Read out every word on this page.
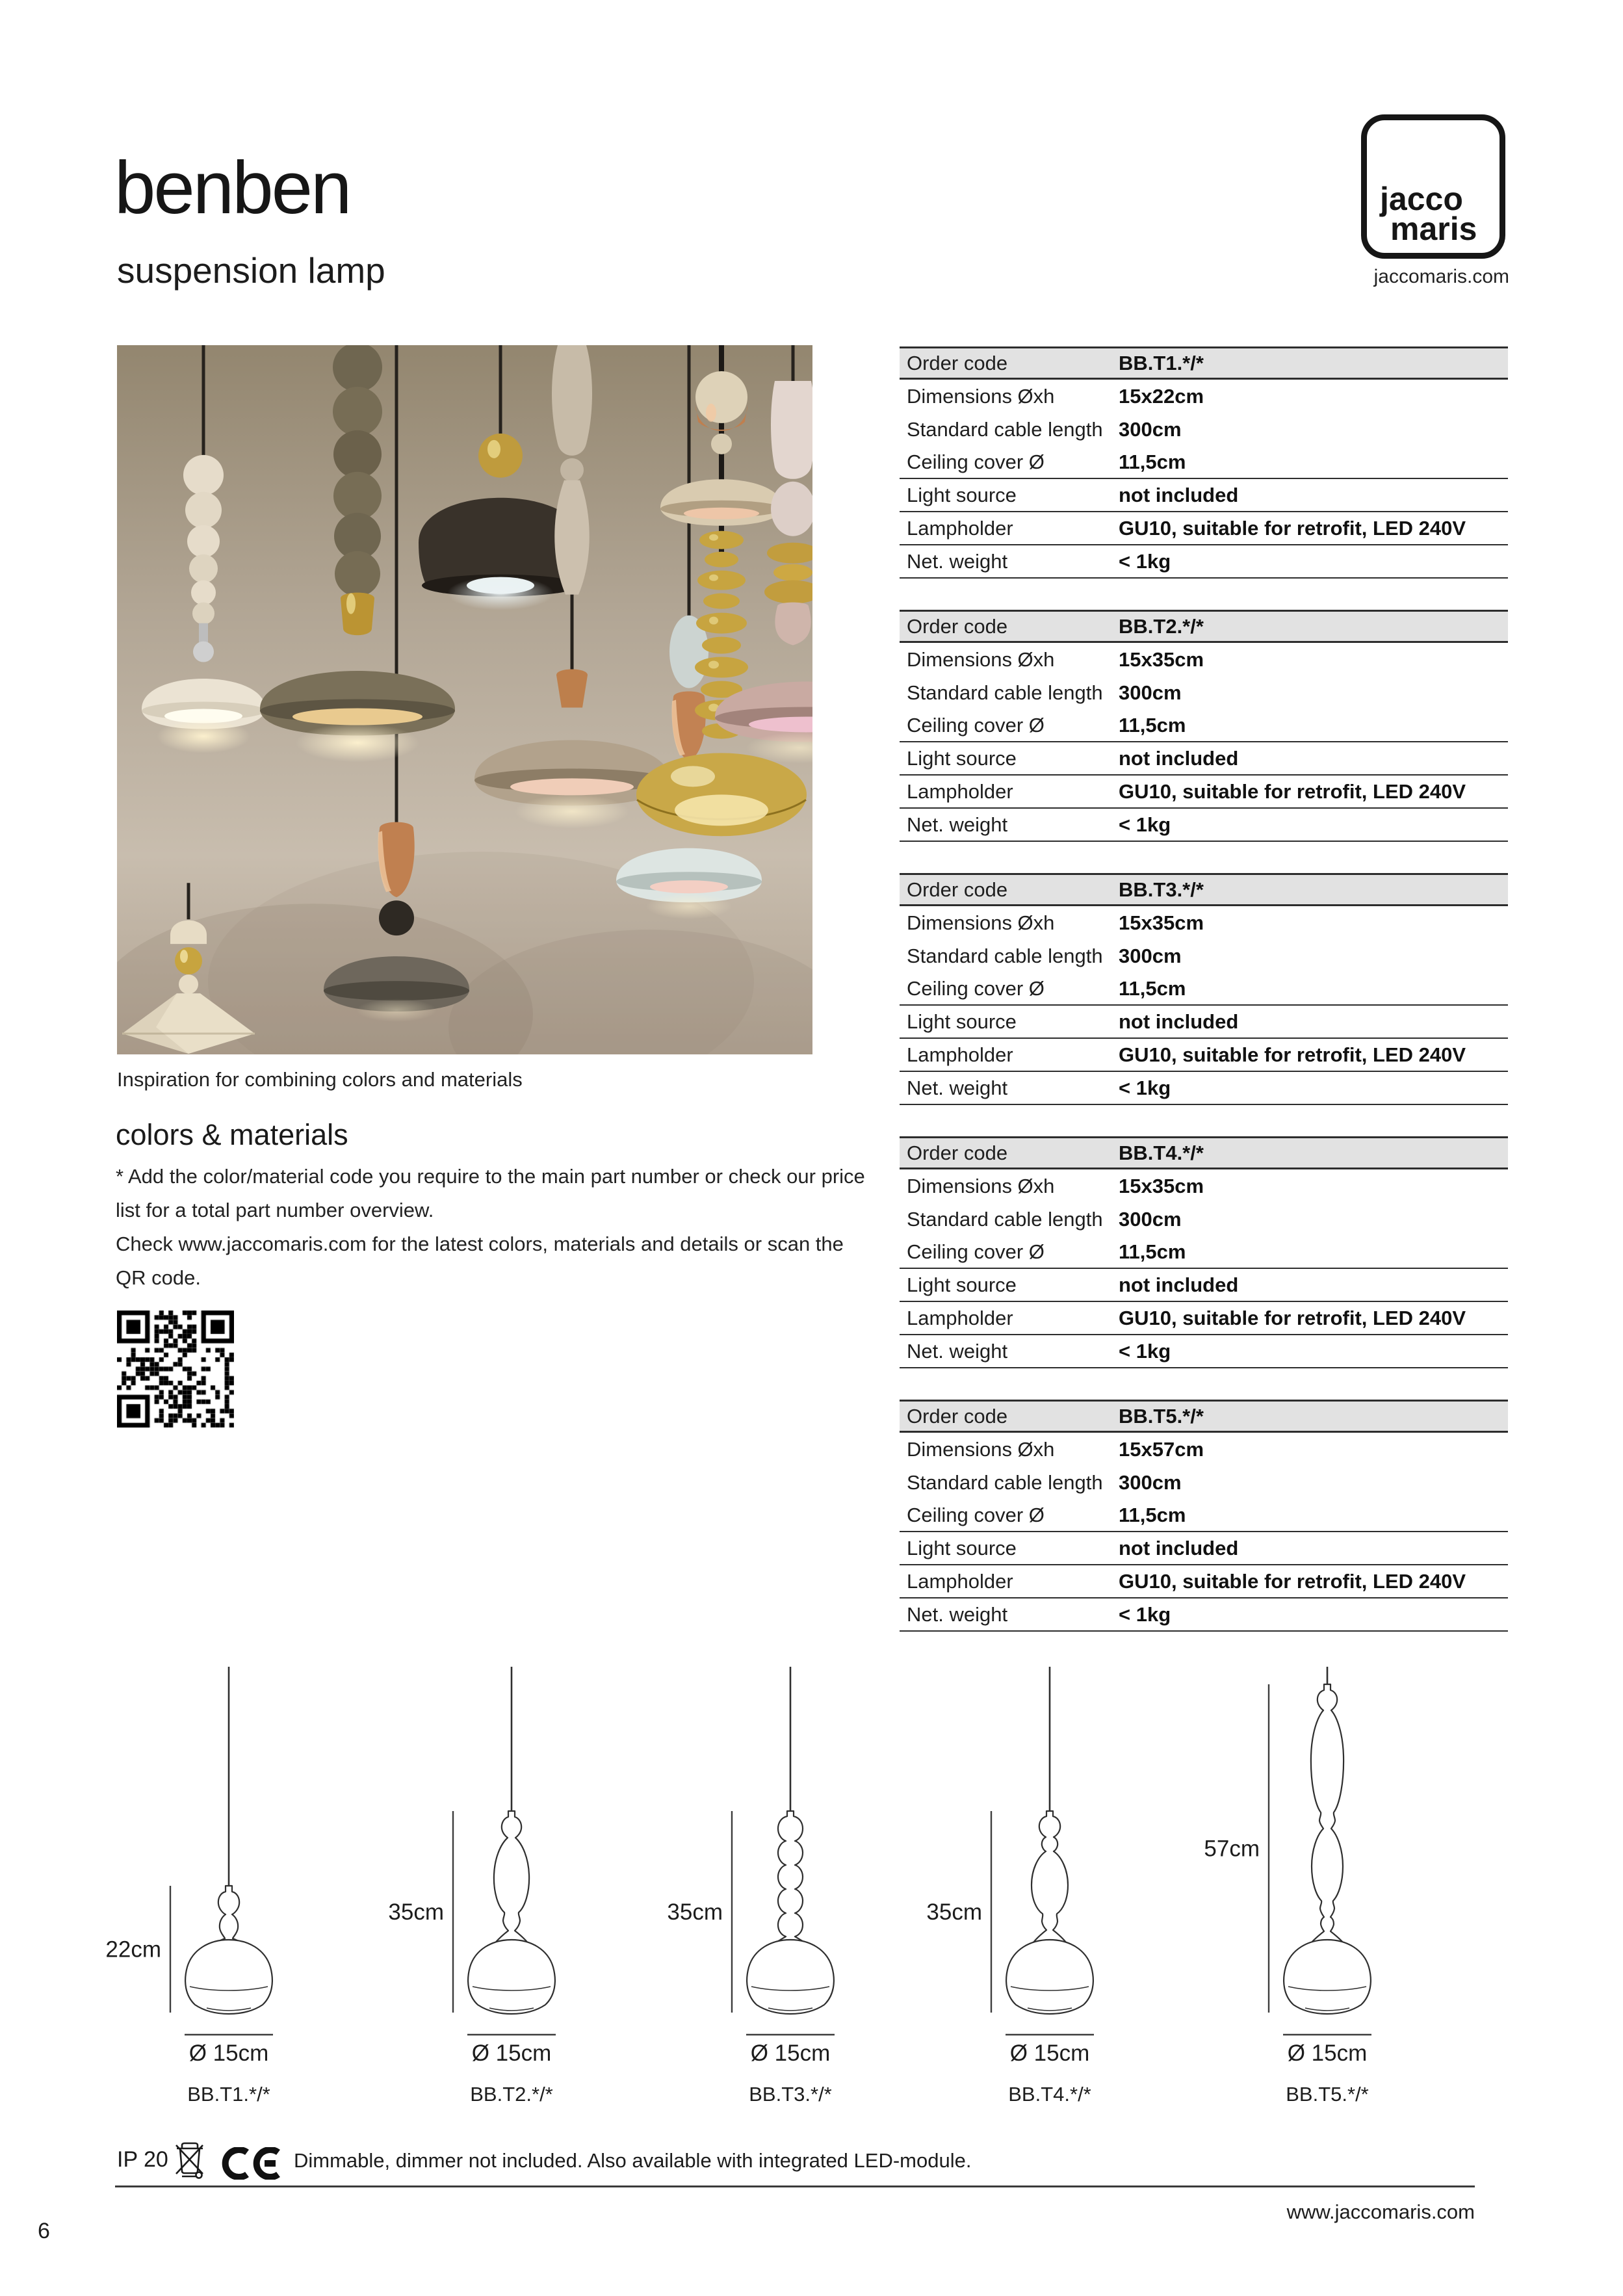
benben
suspension lamp
jacco
maris
jaccomaris.com
Inspiration for combining colors and materials
colors & materials

* Add the color/material code you require to the main part number or check our price list for a total part number overview.

Check www.jaccomaris.com for the latest colors, materials and details or scan the QR code.

Order code	BB.T1.*/*
Dimensions Øxh	15x22cm
Standard cable length 300cm
Ceiling cover Ø	11,5cm
Light source	not included
Lampholder	GU10, suitable for retrofit, LED 240V
Net. weight	< 1kg
Order code	BB.T2.*/*
Dimensions Øxh	15x35cm
Standard cable length 300cm
Ceiling cover Ø	11,5cm
Light source	not included
Lampholder	GU10, suitable for retrofit, LED 240V
Net. weight	< 1kg
Order code	BB.T3.*/*
Dimensions Øxh	15x35cm
Standard cable length 300cm
Ceiling cover Ø	11,5cm
Light source	not included
Lampholder	GU10, suitable for retrofit, LED 240V
Net. weight	< 1kg
Order code	BB.T4.*/*
Dimensions Øxh	15x35cm
Standard cable length 300cm
Ceiling cover Ø	11,5cm
Light source	not included
Lampholder	GU10, suitable for retrofit, LED 240V
Net. weight	< 1kg
Order code	BB.T5.*/*
Dimensions Øxh	15x57cm
Standard cable length 300cm
Ceiling cover Ø	11,5cm
Light source	not included
Lampholder	GU10, suitable for retrofit, LED 240V
Net. weight	< 1kg
22cm
Ø 15cm
BB.T1.*/*
35cm
Ø 15cm
BB.T2.*/*
35cm
Ø 15cm
BB.T3.*/*
35cm
Ø 15cm
BB.T4.*/*
57cm
Ø 15cm
BB.T5.*/*
IP 20	Dimmable, dimmer not included. Also available with integrated LED-module.
www.jaccomaris.com
6
